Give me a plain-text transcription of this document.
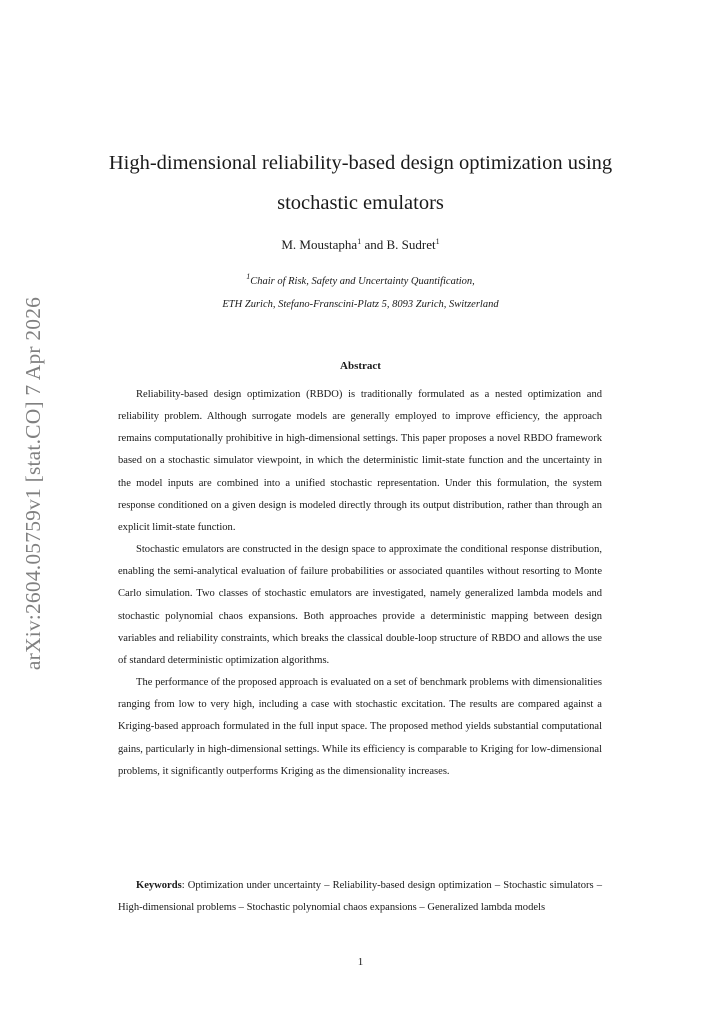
arXiv:2604.05759v1 [stat.CO] 7 Apr 2026
High-dimensional reliability-based design optimization using
stochastic emulators
M. Moustapha$^1$ and B. Sudret$^1$
$^1$Chair of Risk, Safety and Uncertainty Quantification,
ETH Zurich, Stefano-Franscini-Platz 5, 8093 Zurich, Switzerland
Abstract

Reliability-based design optimization (RBDO) is traditionally formulated as a nested optimization and reliability problem. Although surrogate models are generally employed to improve efficiency, the approach remains computationally prohibitive in high-dimensional settings. This paper proposes a novel RBDO framework based on a stochastic simulator viewpoint, in which the deterministic limit-state function and the uncertainty in the model inputs are combined into a unified stochastic representation. Under this formulation, the system response conditioned on a given design is modeled directly through its output distribution, rather than through an explicit limit-state function.

Stochastic emulators are constructed in the design space to approximate the conditional response distribution, enabling the semi-analytical evaluation of failure probabilities or associated quantiles without resorting to Monte Carlo simulation. Two classes of stochastic emulators are investigated, namely generalized lambda models and stochastic polynomial chaos expansions. Both approaches provide a deterministic mapping between design variables and reliability constraints, which breaks the classical double-loop structure of RBDO and allows the use of standard deterministic optimization algorithms.

The performance of the proposed approach is evaluated on a set of benchmark problems with dimensionalities ranging from low to very high, including a case with stochastic excitation. The results are compared against a Kriging-based approach formulated in the full input space. The proposed method yields substantial computational gains, particularly in high-dimensional settings. While its efficiency is comparable to Kriging for low-dimensional problems, it significantly outperforms Kriging as the dimensionality increases.

Keywords: Optimization under uncertainty – Reliability-based design optimization – Stochastic simulators – High-dimensional problems – Stochastic polynomial chaos expansions – Generalized lambda models

1
